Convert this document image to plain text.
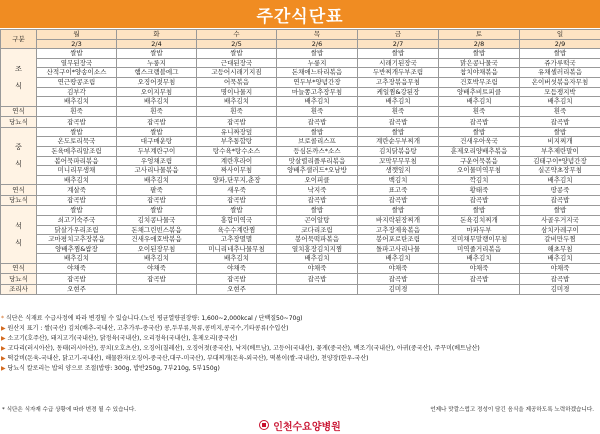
주간식단표
구분	월	화	수	목	금	토	일
	2/3	2/4	2/5	2/6	2/7	2/8	2/9
조

식	쌀밥	쌀밥	쌀밥	쌀밥	쌀밥	쌀밥	쌀밥
	열무된장국	누룽지	근대된장국	누룽지	시래기된장국	맑은콩나물국	쥬가루떡국
	산적구이*양송이소스	햄스크램블에그	고등어시래기지짐	돈채애느타리볶음	두반찌개두부조림	참치야채볶음	유채셀러리볶음
	연근땅콩조림	오징어젓무침	어묵볶음	연두부*양념간장	고추장볶음무침	건호박무조림	온이버섯볶음자무침
	김부각	오이지무침	명이나물지	마늘쫑고추장무침	케일찜&강된장	양배추비트피클	모듬쟁지박
	배추김치	배추김치	배추김치	배추김치	배추김치	배추김치	배추김치
연식	흰죽	흰죽	흰죽	흰죽	흰죽	흰죽	흰죽
당뇨식	잡곡밥	잡곡밥	잡곡밥	잡곡밥	잡곡밥	잡곡밥	잡곡밥
중

식	쌀밥	쌀밥	유니짜장덮	쌀밥	쌀밥	쌀밥	쌀밥
	온도토리묵국	대구매운탕	부추통합탕	브로콜리스프	계란순두부찌개	건새우아욱국	비지찌개
	돈육메추리알조림	두부계란구이	탕수육*탕수소스	등심돈까스*소스	김치닭볶음탕	훈제오리양배추볶음	부추제란말이
	봄어묵파리볶음	우엉채조림	계란후라이	맛살렬리플루리볶음	꼬막무무무침	구운어묵볶음	김태구이*양념간장
	미니리무생채	고사리나물볶음	짜사이무침	양배추샐러드*오남방	생깻잎지	오이물미역무침	실곤약초장무침
	배추김치	배추김치	양파,단무지,춘장	오이피클	백김치	깍김치	배추김치
연식	계살죽	팥죽	새우죽	낙지죽	표고죽	황태죽	땅콩죽
당뇨식	잡곡밥	잡곡밥	잡곡밥	잡곡밥	잡곡밥	잡곡밥	잡곡밥
석

식	쌀밥	쌀밥	쌀밥	쌀밥	쌀밥	쌀밥	쌀밥
	쇠고기숙주국	김치콩나물국	홍합미역국	곤이알탕	바지락된장찌개	돈육김치찌개	사골우거지국
	닭살가우리조림	돈채그린빈스볶음	육수수계란찜	코다리조림	고추장제육볶음	마파두부	삼치카레구이
	고마평치고추장볶음	건새우애호박볶음	고추장멸멸	봉어묵떡파볶음	봉어포로탄조림	진미채무말랭이무침	갈비만두찜
	양배추찜&쌈장	오이된장무침	미니리네추나물무침	열치홍장김치지찜	돌파고사리나물	미역줄거리볶음	해초무침
	배추김치	배추김치	배추김치	배추김치	배추김치	배추김치	배추김치
연식	야채죽	야채죽	야채죽	야채죽	야채죽	야채죽	야채죽
당뇨식	잡곡밥	잡곡밥	잡곡밥	잡곡밥	잡곡밥	잡곡밥	잡곡밥
조리사	오현주		오현주		김미경		김미경
* 식단은 식재료 수급사정에 따라 변경될 수 있습니다.(노인 평균열량권장량: 1,600~2,000kcal / 단백질50~70g)
▶ 원산지 표기 : 쌀(국산) 김치(배추-국내산, 고추가루-중국산) 콩,두부류,묵류,콩비지,콩국수,기타콩류(수입산)
▶ 소고기(호주산), 돼지고기(국내산), 닭정육(국내산), 오리정육(국내산), 훈제오리(중국산)
▶ 고다리(러시아산), 동태(러시아산), 꽁치(오호츠산), 오징어(칠레산), 오징어젓(중국산), 낙지(베트남), 고등어(국내산), 꽃게(중국산), 백조기(국내산), 아귀(중국산), 주꾸미(베트남산)
▶ 떡갈비(돈육-국내산, 닭고기-국내산), 해물완자(오징어-중국산,대구-미국산), 부대찌개(돈육-외국산), 떡볶이(쌀-국내산), 천양장(한우-국산)
▶ 당뇨식 칼로리는 밥의 양으로 조절(밥량: 300g, 밥반250g, 7부210g, 5부150g)
* 식단은 식자재 수급 상황에 따라 변경 될 수 있습니다.	언제나 맛깔스럽고 정성이 담긴 음식을 제공하도록 노력하겠습니다.
인천수요양병원
